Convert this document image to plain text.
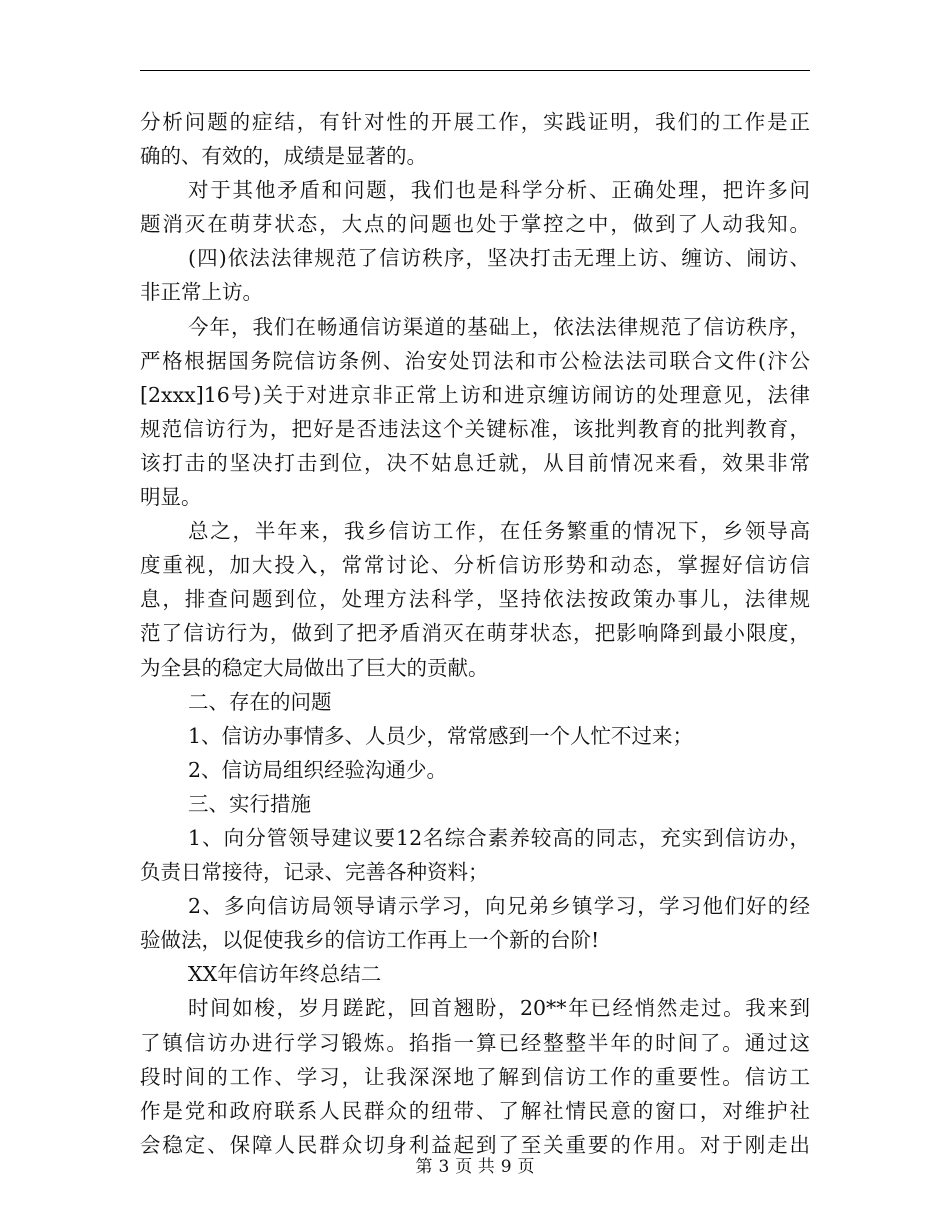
分析问题的症结，有针对性的开展工作，实践证明，我们的工作是正
确的、有效的，成绩是显著的。
对于其他矛盾和问题，我们也是科学分析、正确处理，把许多问
题消灭在萌芽状态，大点的问题也处于掌控之中，做到了人动我知。
(四)依法法律规范了信访秩序，坚决打击无理上访、缠访、闹访、
非正常上访。
今年，我们在畅通信访渠道的基础上，依法法律规范了信访秩序，
严格根据国务院信访条例、治安处罚法和市公检法法司联合文件(汴公
[2xxx]16号)关于对进京非正常上访和进京缠访闹访的处理意见，法律
规范信访行为，把好是否违法这个关键标准，该批判教育的批判教育，
该打击的坚决打击到位，决不姑息迁就，从目前情况来看，效果非常
明显。
总之，半年来，我乡信访工作，在任务繁重的情况下，乡领导高
度重视，加大投入，常常讨论、分析信访形势和动态，掌握好信访信
息，排查问题到位，处理方法科学，坚持依法按政策办事儿，法律规
范了信访行为，做到了把矛盾消灭在萌芽状态，把影响降到最小限度，
为全县的稳定大局做出了巨大的贡献。
二、存在的问题
1、信访办事情多、人员少，常常感到一个人忙不过来；
2、信访局组织经验沟通少。
三、实行措施
1、向分管领导建议要12名综合素养较高的同志，充实到信访办，
负责日常接待，记录、完善各种资料；
2、多向信访局领导请示学习，向兄弟乡镇学习，学习他们好的经
验做法，以促使我乡的信访工作再上一个新的台阶!
XX年信访年终总结二
时间如梭，岁月蹉跎，回首翘盼，20**年已经悄然走过。我来到
了镇信访办进行学习锻炼。掐指一算已经整整半年的时间了。通过这
段时间的工作、学习，让我深深地了解到信访工作的重要性。信访工
作是党和政府联系人民群众的纽带、了解社情民意的窗口，对维护社
会稳定、保障人民群众切身利益起到了至关重要的作用。对于刚走出
第 3 页 共 9 页
